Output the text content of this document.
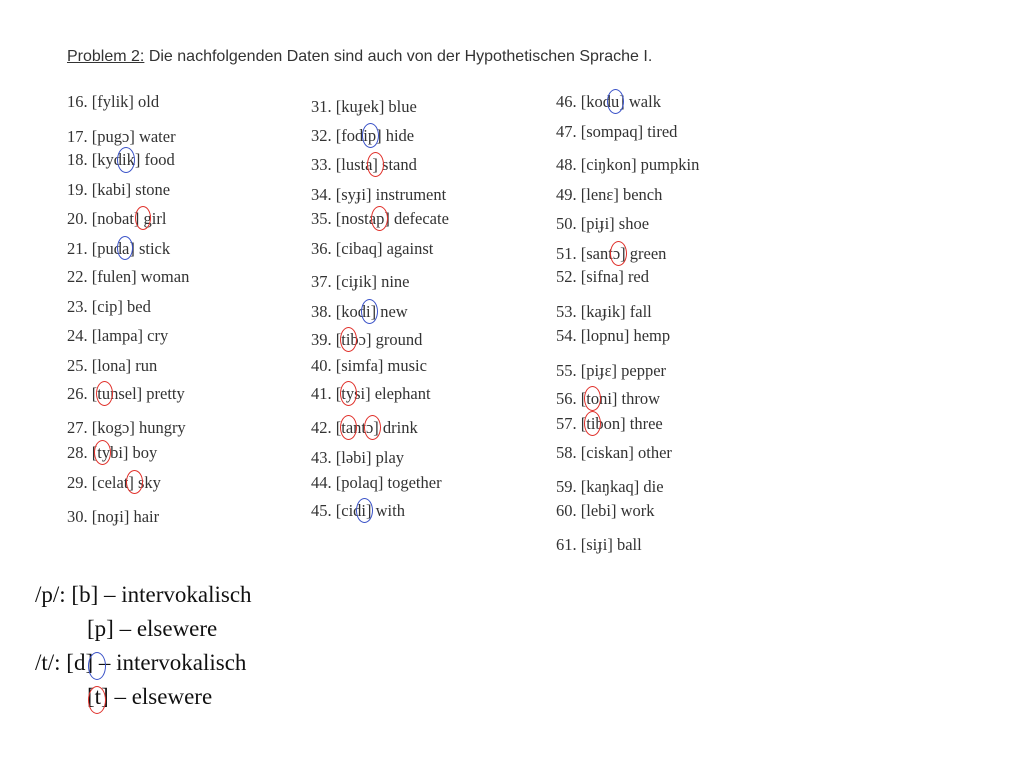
Problem 2: Die nachfolgenden Daten sind auch von der Hypothetischen Sprache I.
16. [fylik] old
17. [pugɔ] water
18. [kydik] food
19. [kabi] stone
20. [nobat] girl
21. [puda] stick
22. [fulen] woman
23. [cip] bed
24. [lampa] cry
25. [lona] run
26. [tunsel] pretty
27. [kogɔ] hungry
28. [tybi] boy
29. [celat] sky
30. [noɟi] hair
31. [kuɟek] blue
32. [fodip] hide
33. [lusta] stand
34. [syɟi] instrument
35. [nostap] defecate
36. [cibaq] against
37. [ciɟik] nine
38. [kodi] new
39. [tibɔ] ground
40. [simfa] music
41. [tysi] elephant
42. [tantɔ] drink
43. [ləbi] play
44. [polaq] together
45. [cidi] with
46. [kodu] walk
47. [sompaq] tired
48. [ciŋkon] pumpkin
49. [lenɛ] bench
50. [piɟi] shoe
51. [santɔ] green
52. [sifna] red
53. [kaɟik] fall
54. [lopnu] hemp
55. [piɟɛ] pepper
56. [toni] throw
57. [tibon] three
58. [ciskan] other
59. [kaŋkaq] die
60. [lebi] work
61. [siɟi] ball
/p/: [b] – intervokalisch
[p] – elsewere
/t/: [d] – intervokalisch
[t] – elsewere
